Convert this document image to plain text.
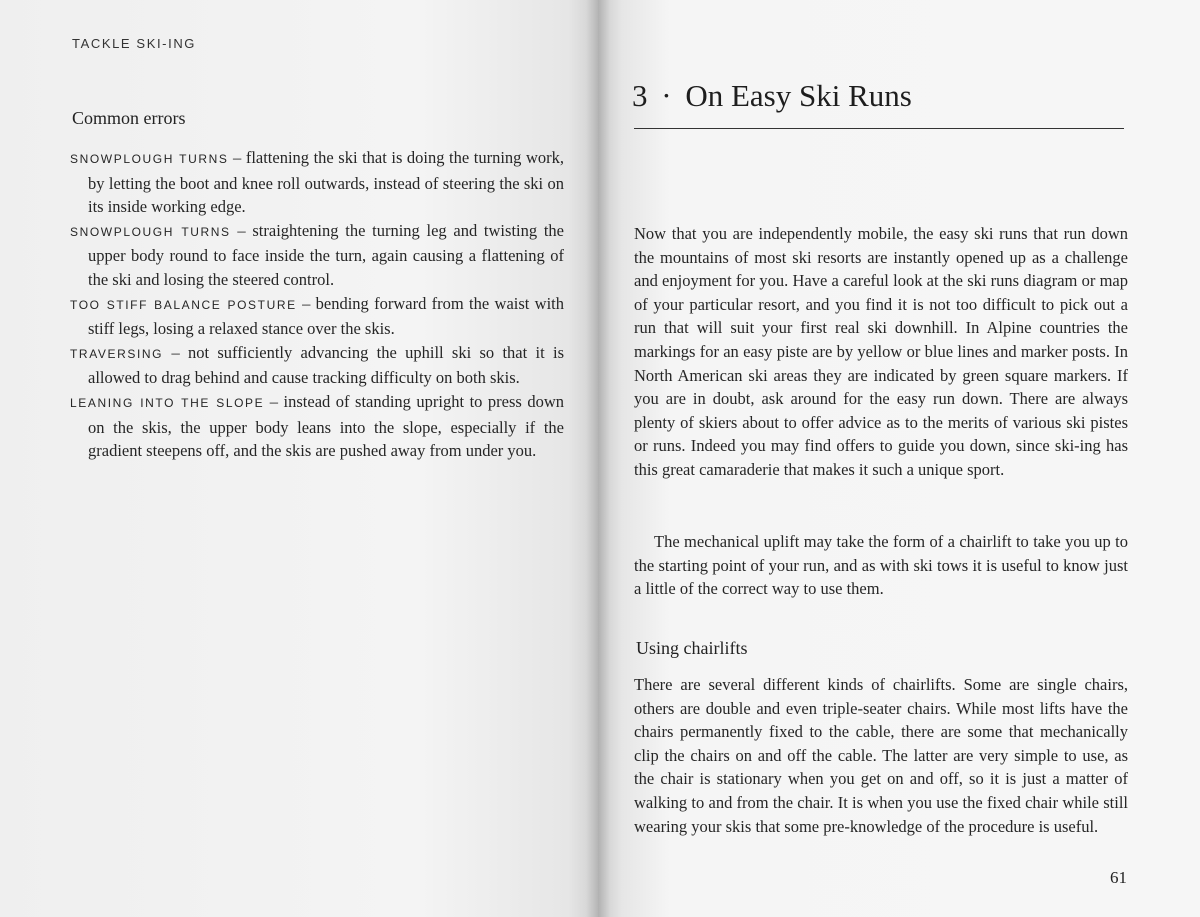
TACKLE SKI-ING
Common errors

SNOWPLOUGH TURNS – flattening the ski that is doing the turning work, by letting the boot and knee roll outwards, instead of steering the ski on its inside working edge.

SNOWPLOUGH TURNS – straightening the turning leg and twisting the upper body round to face inside the turn, again causing a flattening of the ski and losing the steered control.

TOO STIFF BALANCE POSTURE – bending forward from the waist with stiff legs, losing a relaxed stance over the skis.

TRAVERSING – not sufficiently advancing the uphill ski so that it is allowed to drag behind and cause tracking difficulty on both skis.

LEANING INTO THE SLOPE – instead of standing upright to press down on the skis, the upper body leans into the slope, especially if the gradient steepens off, and the skis are pushed away from under you.

3 · On Easy Ski Runs

Now that you are independently mobile, the easy ski runs that run down the mountains of most ski resorts are instantly opened up as a challenge and enjoyment for you. Have a careful look at the ski runs diagram or map of your particular resort, and you find it is not too difficult to pick out a run that will suit your first real ski downhill. In Alpine countries the markings for an easy piste are by yellow or blue lines and marker posts. In North American ski areas they are indicated by green square markers. If you are in doubt, ask around for the easy run down. There are always plenty of skiers about to offer advice as to the merits of various ski pistes or runs. Indeed you may find offers to guide you down, since ski-ing has this great camaraderie that makes it such a unique sport.

The mechanical uplift may take the form of a chairlift to take you up to the starting point of your run, and as with ski tows it is useful to know just a little of the correct way to use them.

Using chairlifts

There are several different kinds of chairlifts. Some are single chairs, others are double and even triple-seater chairs. While most lifts have the chairs permanently fixed to the cable, there are some that mechanically clip the chairs on and off the cable. The latter are very simple to use, as the chair is stationary when you get on and off, so it is just a matter of walking to and from the chair. It is when you use the fixed chair while still wearing your skis that some pre-knowledge of the procedure is useful.

61
